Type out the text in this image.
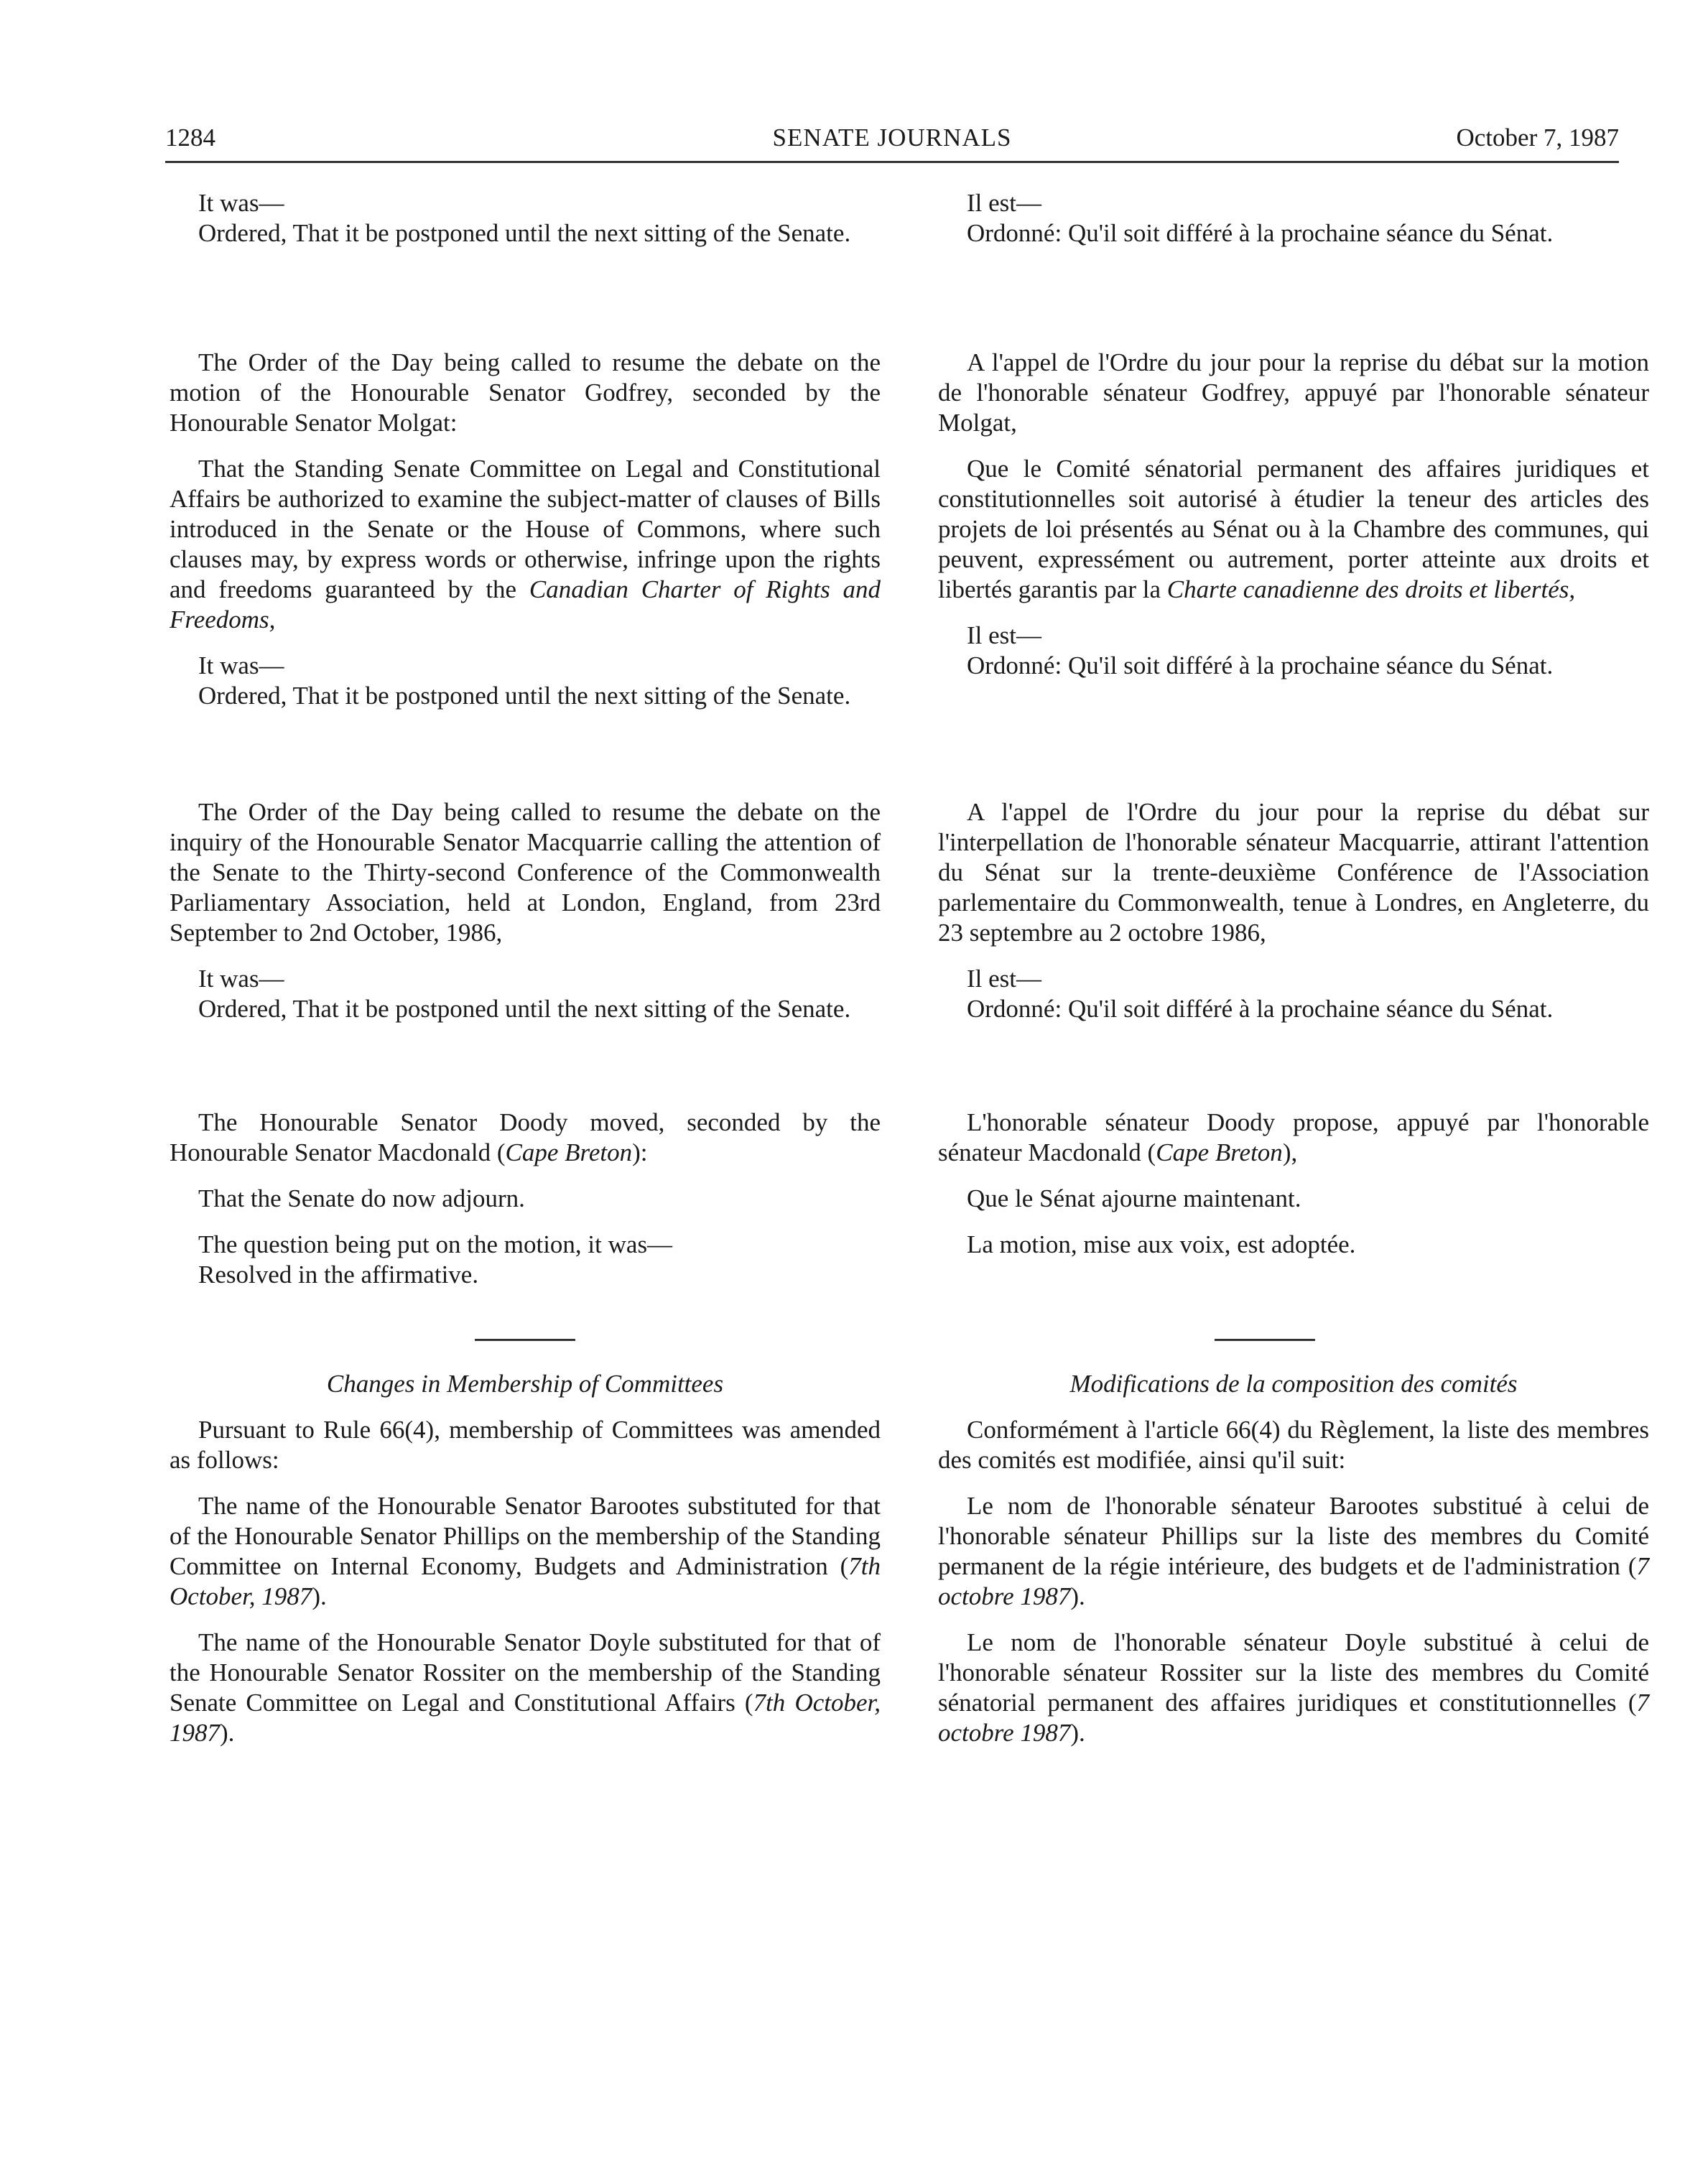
1284	SENATE JOURNALS	October 7, 1987

It was—

Ordered, That it be postponed until the next sitting of the Senate.

The Order of the Day being called to resume the debate on the motion of the Honourable Senator Godfrey, seconded by the Honourable Senator Molgat:

That the Standing Senate Committee on Legal and Constitutional Affairs be authorized to examine the subject-matter of clauses of Bills introduced in the Senate or the House of Commons, where such clauses may, by express words or otherwise, infringe upon the rights and freedoms guaranteed by the Canadian Charter of Rights and Freedoms,

It was—

Ordered, That it be postponed until the next sitting of the Senate.

The Order of the Day being called to resume the debate on the inquiry of the Honourable Senator Macquarrie calling the attention of the Senate to the Thirty-second Conference of the Commonwealth Parliamentary Association, held at London, England, from 23rd September to 2nd October, 1986,

It was—

Ordered, That it be postponed until the next sitting of the Senate.

The Honourable Senator Doody moved, seconded by the Honourable Senator Macdonald (Cape Breton):

That the Senate do now adjourn.

The question being put on the motion, it was—

Resolved in the affirmative.

Changes in Membership of Committees

Pursuant to Rule 66(4), membership of Committees was amended as follows:

The name of the Honourable Senator Barootes substituted for that of the Honourable Senator Phillips on the membership of the Standing Committee on Internal Economy, Budgets and Administration (7th October, 1987).

The name of the Honourable Senator Doyle substituted for that of the Honourable Senator Rossiter on the membership of the Standing Senate Committee on Legal and Constitutional Affairs (7th October, 1987).

Il est—

Ordonné: Qu'il soit différé à la prochaine séance du Sénat.

A l'appel de l'Ordre du jour pour la reprise du débat sur la motion de l'honorable sénateur Godfrey, appuyé par l'honorable sénateur Molgat,

Que le Comité sénatorial permanent des affaires juridiques et constitutionnelles soit autorisé à étudier la teneur des articles des projets de loi présentés au Sénat ou à la Chambre des communes, qui peuvent, expressément ou autrement, porter atteinte aux droits et libertés garantis par la Charte canadienne des droits et libertés,

Il est—

Ordonné: Qu'il soit différé à la prochaine séance du Sénat.

A l'appel de l'Ordre du jour pour la reprise du débat sur l'interpellation de l'honorable sénateur Macquarrie, attirant l'attention du Sénat sur la trente-deuxième Conférence de l'Association parlementaire du Commonwealth, tenue à Londres, en Angleterre, du 23 septembre au 2 octobre 1986,

Il est—

Ordonné: Qu'il soit différé à la prochaine séance du Sénat.

L'honorable sénateur Doody propose, appuyé par l'honorable sénateur Macdonald (Cape Breton),

Que le Sénat ajourne maintenant.

La motion, mise aux voix, est adoptée.

Modifications de la composition des comités

Conformément à l'article 66(4) du Règlement, la liste des membres des comités est modifiée, ainsi qu'il suit:

Le nom de l'honorable sénateur Barootes substitué à celui de l'honorable sénateur Phillips sur la liste des membres du Comité permanent de la régie intérieure, des budgets et de l'administration (7 octobre 1987).

Le nom de l'honorable sénateur Doyle substitué à celui de l'honorable sénateur Rossiter sur la liste des membres du Comité sénatorial permanent des affaires juridiques et constitutionnelles (7 octobre 1987).
